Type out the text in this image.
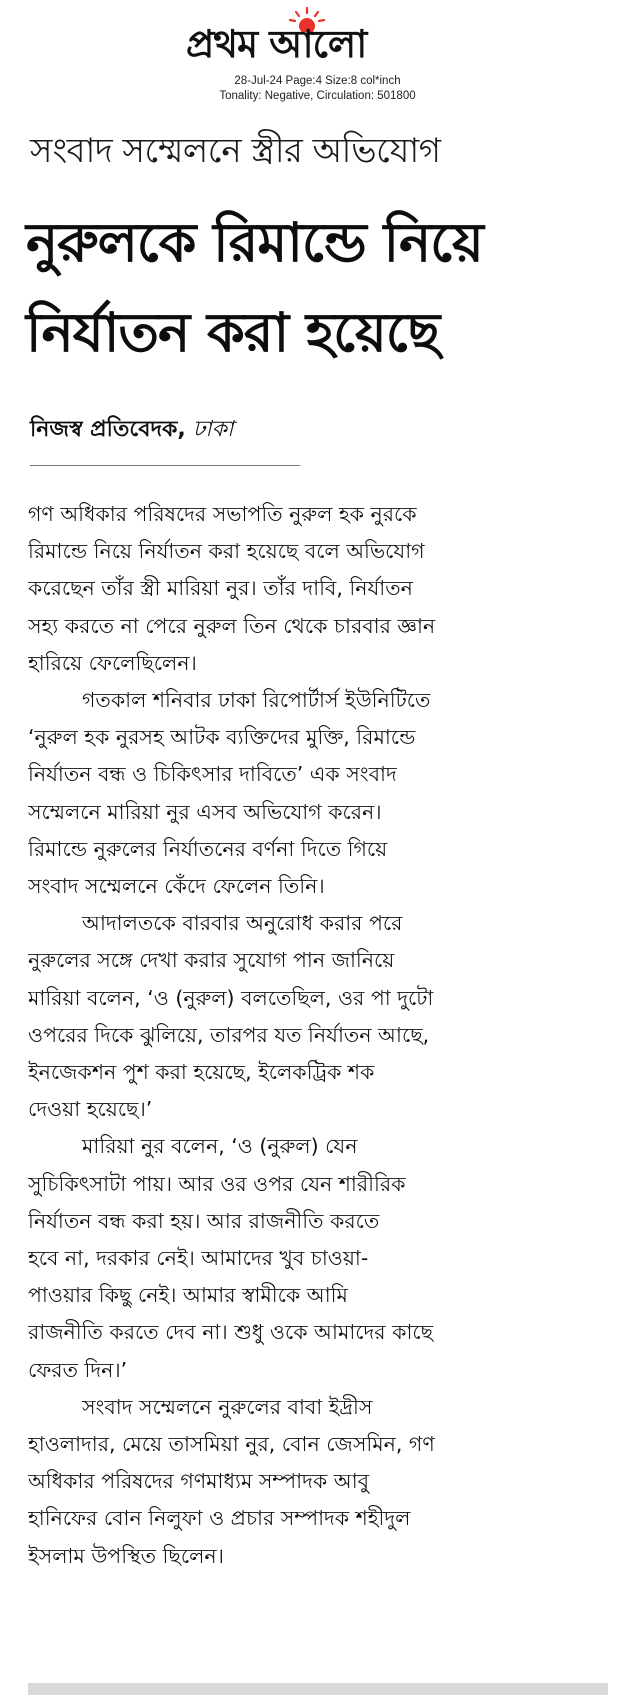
প্রথম আলো
28-Jul-24 Page:4 Size:8 col*inch
Tonality: Negative, Circulation: 501800
সংবাদ সম্মেলনে স্ত্রীর অভিযোগ
নুরুলকে রিমান্ডে নিয়ে
নির্যাতন করা হয়েছে
নিজস্ব প্রতিবেদক, ঢাকা

গণ অধিকার পরিষদের সভাপতি নুরুল হক নুরকে
রিমান্ডে নিয়ে নির্যাতন করা হয়েছে বলে অভিযোগ
করেছেন তাঁর স্ত্রী মারিয়া নুর। তাঁর দাবি, নির্যাতন
সহ্য করতে না পেরে নুরুল তিন থেকে চারবার জ্ঞান
হারিয়ে ফেলেছিলেন।

গতকাল শনিবার ঢাকা রিপোর্টার্স ইউনিটিতে
‘নুরুল হক নুরসহ আটক ব্যক্তিদের মুক্তি, রিমান্ডে
নির্যাতন বন্ধ ও চিকিৎসার দাবিতে’ এক সংবাদ
সম্মেলনে মারিয়া নুর এসব অভিযোগ করেন।
রিমান্ডে নুরুলের নির্যাতনের বর্ণনা দিতে গিয়ে
সংবাদ সম্মেলনে কেঁদে ফেলেন তিনি।

আদালতকে বারবার অনুরোধ করার পরে
নুরুলের সঙ্গে দেখা করার সুযোগ পান জানিয়ে
মারিয়া বলেন, ‘ও (নুরুল) বলতেছিল, ওর পা দুটো
ওপরের দিকে ঝুলিয়ে, তারপর যত নির্যাতন আছে,
ইনজেকশন পুশ করা হয়েছে, ইলেকট্রিক শক
দেওয়া হয়েছে।’

মারিয়া নুর বলেন, ‘ও (নুরুল) যেন
সুচিকিৎসাটা পায়। আর ওর ওপর যেন শারীরিক
নির্যাতন বন্ধ করা হয়। আর রাজনীতি করতে
হবে না, দরকার নেই। আমাদের খুব চাওয়া-
পাওয়ার কিছু নেই। আমার স্বামীকে আমি
রাজনীতি করতে দেব না। শুধু ওকে আমাদের কাছে
ফেরত দিন।’

সংবাদ সম্মেলনে নুরুলের বাবা ইদ্রীস
হাওলাদার, মেয়ে তাসমিয়া নুর, বোন জেসমিন, গণ
অধিকার পরিষদের গণমাধ্যম সম্পাদক আবু
হানিফের বোন নিলুফা ও প্রচার সম্পাদক শহীদুল
ইসলাম উপস্থিত ছিলেন।
